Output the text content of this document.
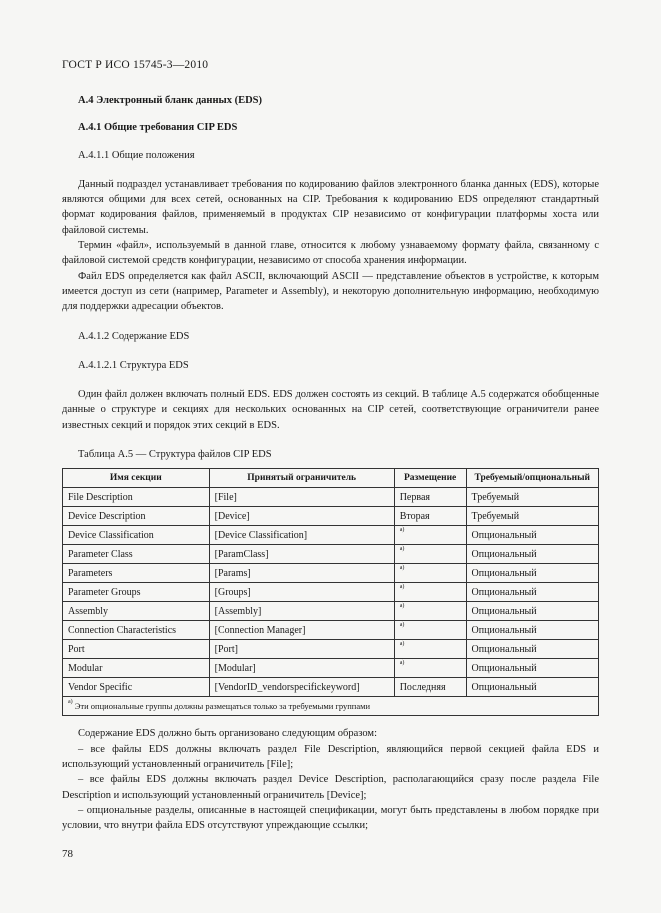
ГОСТ Р ИСО 15745-3—2010
А.4 Электронный бланк данных (EDS)
А.4.1 Общие требования CIP EDS
А.4.1.1 Общие положения

Данный подраздел устанавливает требования по кодированию файлов электронного бланка данных (EDS), которые являются общими для всех сетей, основанных на CIP. Требования к кодированию EDS определяют стандартный формат кодирования файлов, применяемый в продуктах CIP независимо от конфигурации платформы хоста или файловой системы.

Термин «файл», используемый в данной главе, относится к любому узнаваемому формату файла, связанному с файловой системой средств конфигурации, независимо от способа хранения информации.

Файл EDS определяется как файл ASCII, включающий ASCII — представление объектов в устройстве, к которым имеется доступ из сети (например, Parameter и Assembly), и некоторую дополнительную информацию, необходимую для поддержки адресации объектов.

А.4.1.2 Содержание EDS
А.4.1.2.1 Структура EDS

Один файл должен включать полный EDS. EDS должен состоять из секций. В таблице А.5 содержатся обобщенные данные о структуре и секциях для нескольких основанных на CIP сетей, соответствующие ограничители ранее известных секций и порядок этих секций в EDS.

Таблица А.5 — Структура файлов CIP EDS
Имя секции	Принятый ограничитель	Размещение	Требуемый/опциональный
File Description	[File]	Первая	Требуемый
Device Description	[Device]	Вторая	Требуемый
Device Classification	[Device Classification]	$^{а)}$	Опциональный
Parameter Class	[ParamClass]	$^{а)}$	Опциональный
Parameters	[Params]	$^{а)}$	Опциональный
Parameter Groups	[Groups]	$^{а)}$	Опциональный
Assembly	[Assembly]	$^{а)}$	Опциональный
Connection Characteristics	[Connection Manager]	$^{а)}$	Опциональный
Port	[Port]	$^{а)}$	Опциональный
Modular	[Modular]	$^{а)}$	Опциональный
Vendor Specific	[VendorID_vendorspecifickeyword]	Последняя	Опциональный
$^{а)}$ Эти опциональные группы должны размещаться только за требуемыми группами			

Содержание EDS должно быть организовано следующим образом:

– все файлы EDS должны включать раздел File Description, являющийся первой секцией файла EDS и использующий установленный ограничитель [File];

– все файлы EDS должны включать раздел Device Description, располагающийся сразу после раздела File Description и использующий установленный ограничитель [Device];

– опциональные разделы, описанные в настоящей спецификации, могут быть представлены в любом порядке при условии, что внутри файла EDS отсутствуют упреждающие ссылки;

78
